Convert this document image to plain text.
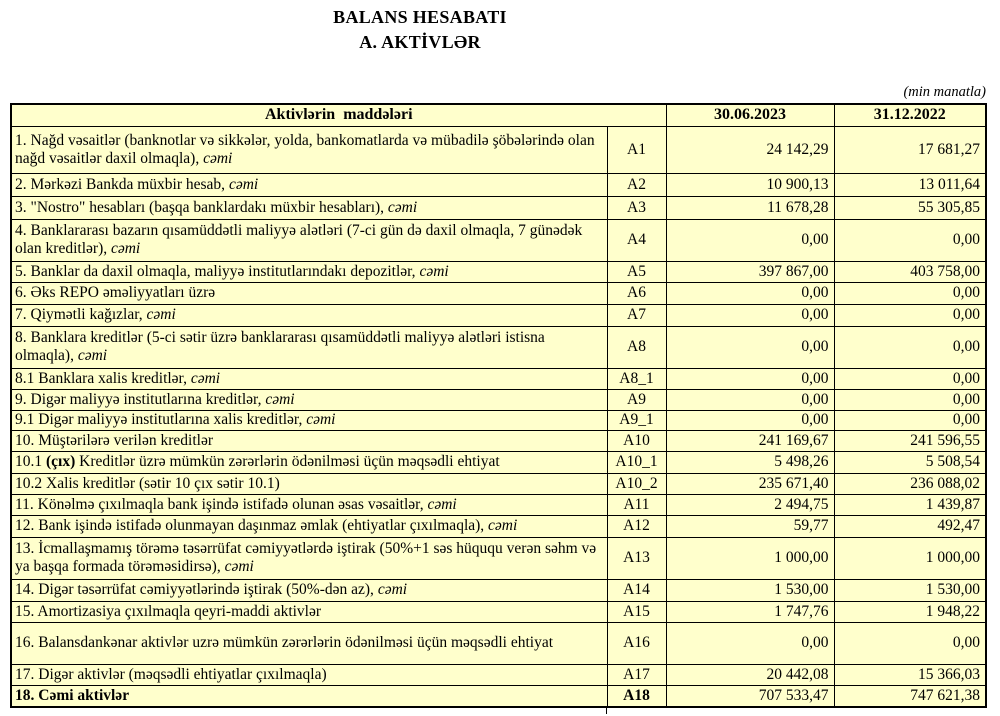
BALANS HESABATI
A. AKTİVLƏR
(min manatla)
Aktivlərin  maddələri		30.06.2023	31.12.2022
1. Nağd vəsaitlər (banknotlar və sikkələr, yolda, bankomatlarda və mübadilə şöbələrində olan nağd vəsaitlər daxil olmaqla), cəmi	A1	24 142,29	17 681,27
2. Mərkəzi Bankda müxbir hesab, cəmi	A2	10 900,13	13 011,64
3. "Nostro" hesabları (başqa banklardakı müxbir hesabları), cəmi	A3	11 678,28	55 305,85
4. Banklararası bazarın qısamüddətli maliyyə alətləri (7-ci gün də daxil olmaqla, 7 günədək olan kreditlər), cəmi	A4	0,00	0,00
5. Banklar da daxil olmaqla, maliyyə institutlarındakı depozitlər, cəmi	A5	397 867,00	403 758,00
6. Əks REPO əməliyyatları üzrə	A6	0,00	0,00
7. Qiymətli kağızlar, cəmi	A7	0,00	0,00
8. Banklara kreditlər (5-ci sətir üzrə banklararası qısamüddətli maliyyə alətləri istisna olmaqla), cəmi	A8	0,00	0,00
8.1 Banklara xalis kreditlər, cəmi	A8_1	0,00	0,00
9. Digər maliyyə institutlarına kreditlər, cəmi	A9	0,00	0,00
9.1 Digər maliyyə institutlarına xalis kreditlər, cəmi	A9_1	0,00	0,00
10. Müştərilərə verilən kreditlər	A10	241 169,67	241 596,55
10.1 (çıx) Kreditlər üzrə mümkün zərərlərin ödənilməsi üçün məqsədli ehtiyat	A10_1	5 498,26	5 508,54
10.2 Xalis kreditlər (sətir 10 çıx sətir 10.1)	A10_2	235 671,40	236 088,02
11. Könəlmə çıxılmaqla bank işində istifadə olunan əsas vəsaitlər, cəmi	A11	2 494,75	1 439,87
12. Bank işində istifadə olunmayan daşınmaz əmlak (ehtiyatlar çıxılmaqla), cəmi	A12	59,77	492,47
13. İcmallaşmamış törəmə təsərrüfat cəmiyyətlərdə iştirak (50%+1 səs hüququ verən səhm və ya başqa formada törəməsidirsə), cəmi	A13	1 000,00	1 000,00
14. Digər təsərrüfat cəmiyyətlərində iştirak (50%-dən az), cəmi	A14	1 530,00	1 530,00
15. Amortizasiya çıxılmaqla qeyri-maddi aktivlər	A15	1 747,76	1 948,22
16. Balansdankənar aktivlər uzrə mümkün zərərlərin ödənilməsi üçün məqsədli ehtiyat	A16	0,00	0,00
17. Digər aktivlər (məqsədli ehtiyatlar çıxılmaqla)	A17	20 442,08	15 366,03
18. Cəmi aktivlər	A18	707 533,47	747 621,38
